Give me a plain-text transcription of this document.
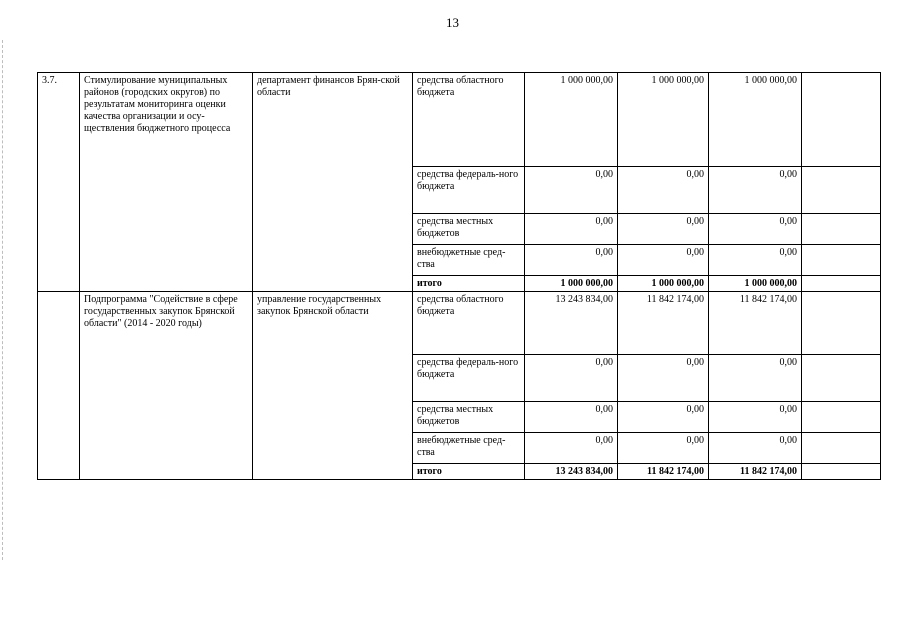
13
3.7.	Стимулирование муниципальных районов (городских округов) по результатам мониторинга оценки качества организации и осу-ществления бюджетного процесса	департамент финансов Брян-ской области	средства областного бюджета	1 000 000,00	1 000 000,00	1 000 000,00	
			средства федераль-ного бюджета	0,00	0,00	0,00	
			средства местных бюджетов	0,00	0,00	0,00	
			внебюджетные сред-ства	0,00	0,00	0,00	
			итого	1 000 000,00	1 000 000,00	1 000 000,00	
	Подпрограмма "Содействие в сфере государственных закупок Брянской области" (2014 - 2020 годы)	управление государственных закупок Брянской области	средства областного бюджета	13 243 834,00	11 842 174,00	11 842 174,00	
			средства федераль-ного бюджета	0,00	0,00	0,00	
			средства местных бюджетов	0,00	0,00	0,00	
			внебюджетные сред-ства	0,00	0,00	0,00	
			итого	13 243 834,00	11 842 174,00	11 842 174,00	
